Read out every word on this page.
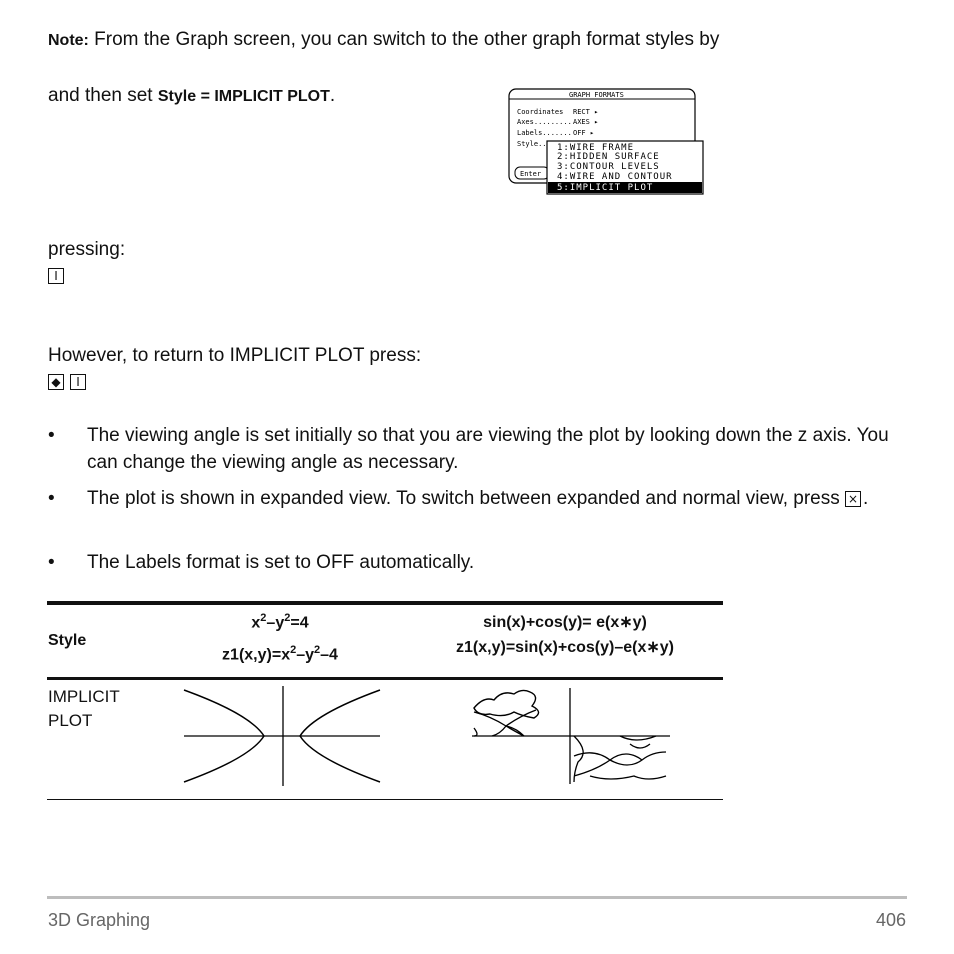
Note: From the Graph screen, you can switch to the other graph format styles by
and then set Style = IMPLICIT PLOT.	GRAPH FORMATS
Coordinates RECT ▸
Axes......... AXES ▸
Labels....... OFF ▸
Style..
Enter
1:WIRE FRAME
2:HIDDEN SURFACE
3:CONTOUR LEVELS
4:WIRE AND CONTOUR
5:IMPLICIT PLOT
pressing:
I
However, to return to IMPLICIT PLOT press:
◆ I
• The viewing angle is set initially so that you are viewing the plot by looking down the z axis. You can change the viewing angle as necessary.
• The plot is shown in expanded view. To switch between expanded and normal view, press × .
• The Labels format is set to OFF automatically.
Style
$x^2-y^2=4$
$z1(x,y)=x^2-y^2-4$
sin(x)+cos(y)= e(x∗y)
z1(x,y)=sin(x)+cos(y)–e(x∗y)
IMPLICIT
PLOT
3D Graphing	406
